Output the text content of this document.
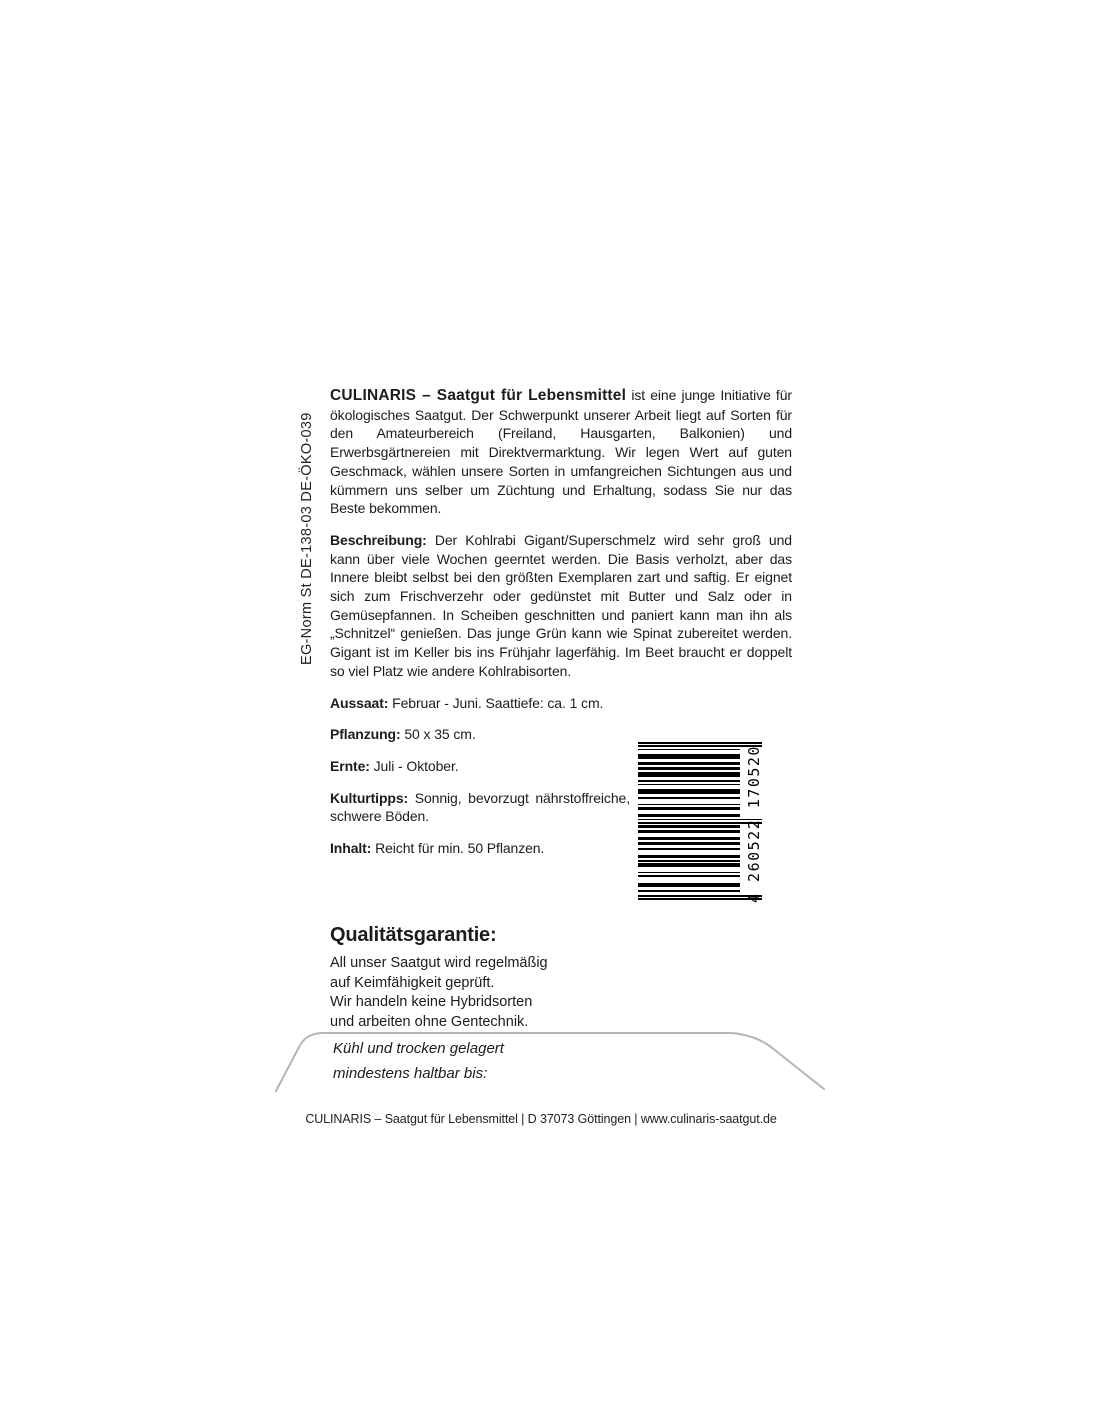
EG-Norm St DE-138-03 DE-ÖKO-039

CULINARIS – Saatgut für Lebensmittel ist eine junge Initiative für ökologisches Saatgut. Der Schwerpunkt unserer Arbeit liegt auf Sorten für den Amateurbereich (Freiland, Hausgarten, Balkonien) und Erwerbsgärtnereien mit Direktvermarktung. Wir legen Wert auf guten Geschmack, wählen unsere Sorten in umfangreichen Sichtungen aus und kümmern uns selber um Züchtung und Erhaltung, sodass Sie nur das Beste bekommen.

Beschreibung: Der Kohlrabi Gigant/Superschmelz wird sehr groß und kann über viele Wochen geerntet werden. Die Basis verholzt, aber das Innere bleibt selbst bei den größten Exemplaren zart und saftig. Er eignet sich zum Frischverzehr oder gedünstet mit Butter und Salz oder in Gemüsepfannen. In Scheiben geschnitten und paniert kann man ihn als „Schnitzel“ genießen. Das junge Grün kann wie Spinat zubereitet werden. Gigant ist im Keller bis ins Frühjahr lagerfähig. Im Beet braucht er doppelt so viel Platz wie andere Kohlrabisorten.

Aussaat: Februar - Juni. Saattiefe: ca. 1 cm.

Pflanzung: 50 x 35 cm.

Ernte: Juli - Oktober.

Kulturtipps: Sonnig, bevorzugt nährstoffreiche, schwere Böden.

Inhalt: Reicht für min. 50 Pflanzen.	4 260522 170520
Qualitätsgarantie:
All unser Saatgut wird regelmäßig
auf Keimfähigkeit geprüft.
Wir handeln keine Hybridsorten
und arbeiten ohne Gentechnik.
Kühl und trocken gelagert
mindestens haltbar bis:
CULINARIS – Saatgut für Lebensmittel | D 37073 Göttingen | www.culinaris-saatgut.de
